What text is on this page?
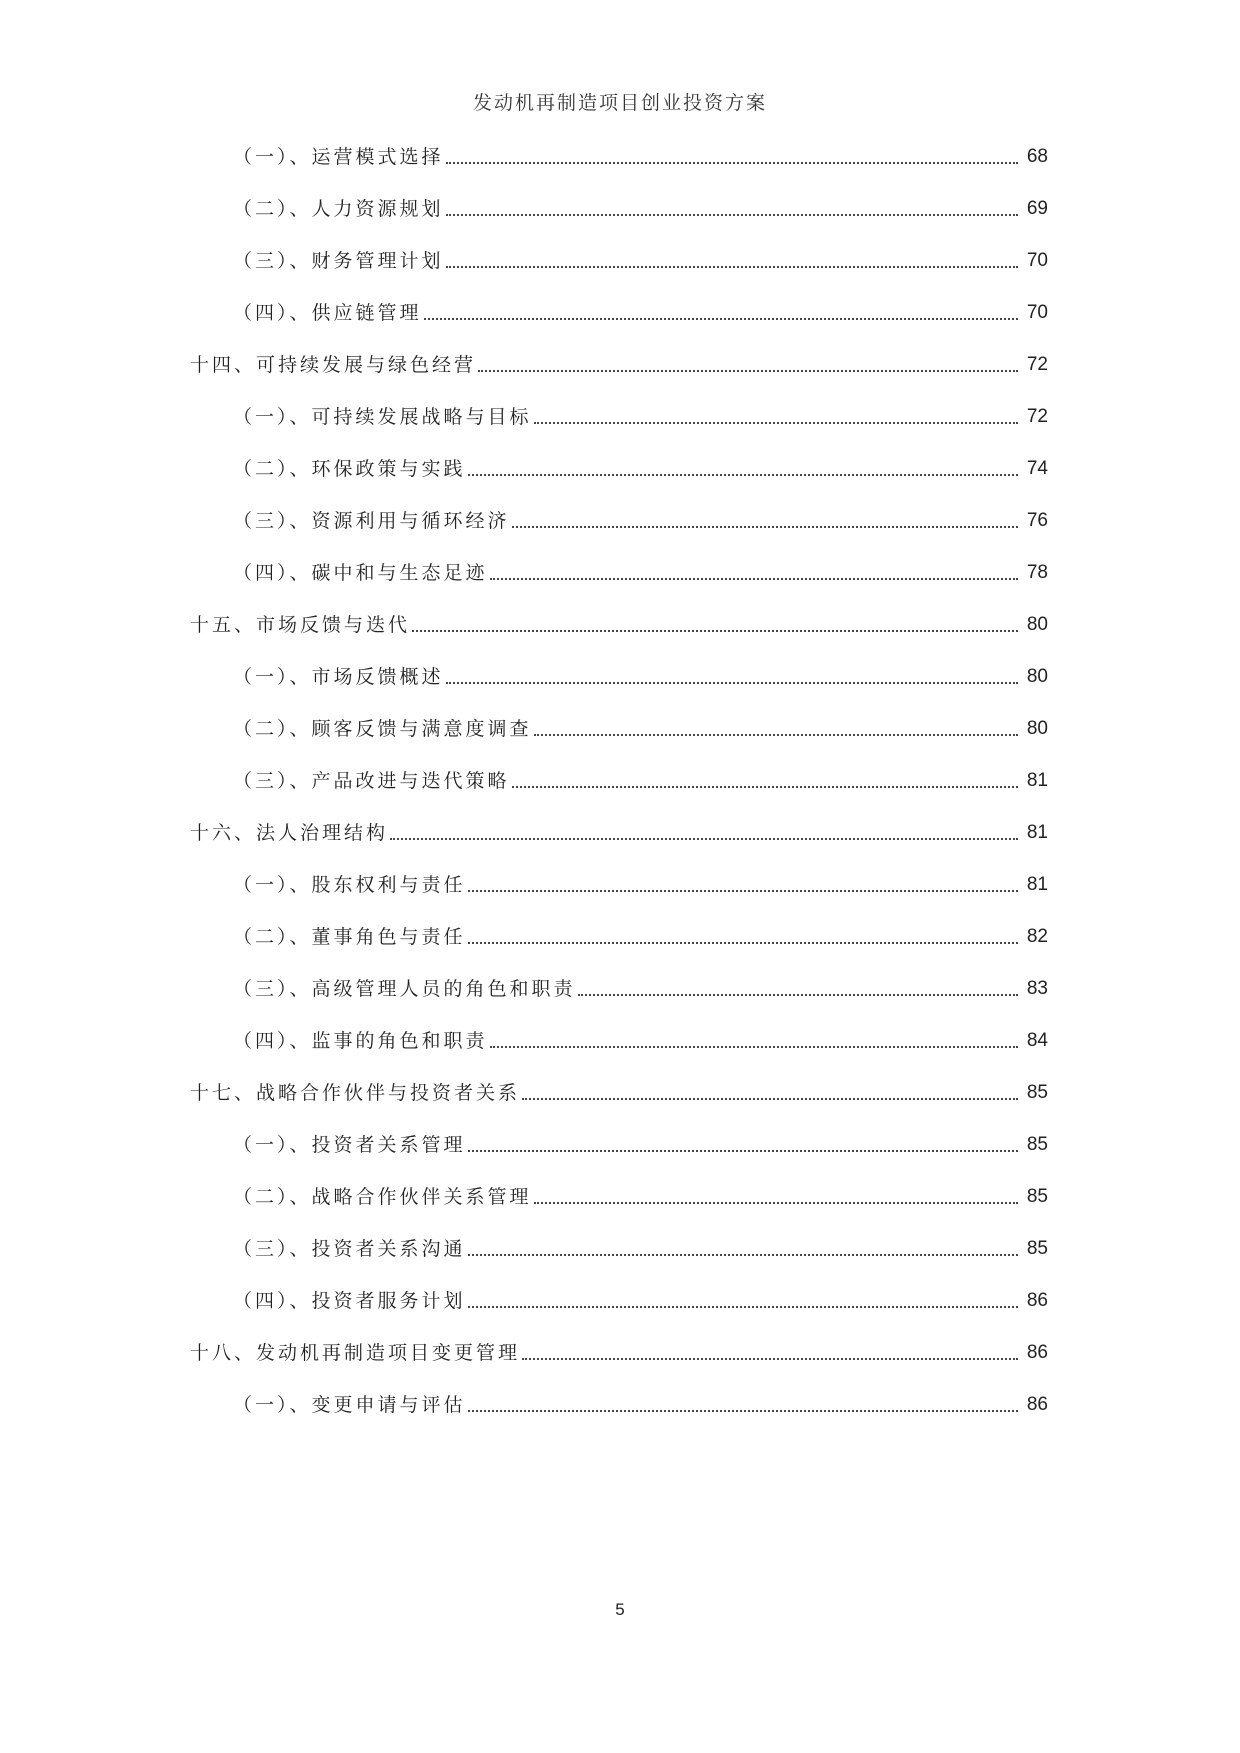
发动机再制造项目创业投资方案
（一）、运营模式选择	68
（二）、人力资源规划	69
（三）、财务管理计划	70
（四）、供应链管理	70
十四、可持续发展与绿色经营	72
（一）、可持续发展战略与目标	72
（二）、环保政策与实践	74
（三）、资源利用与循环经济	76
（四）、碳中和与生态足迹	78
十五、市场反馈与迭代	80
（一）、市场反馈概述	80
（二）、顾客反馈与满意度调查	80
（三）、产品改进与迭代策略	81
十六、法人治理结构	81
（一）、股东权利与责任	81
（二）、董事角色与责任	82
（三）、高级管理人员的角色和职责	83
（四）、监事的角色和职责	84
十七、战略合作伙伴与投资者关系	85
（一）、投资者关系管理	85
（二）、战略合作伙伴关系管理	85
（三）、投资者关系沟通	85
（四）、投资者服务计划	86
十八、发动机再制造项目变更管理	86
（一）、变更申请与评估	86
5
